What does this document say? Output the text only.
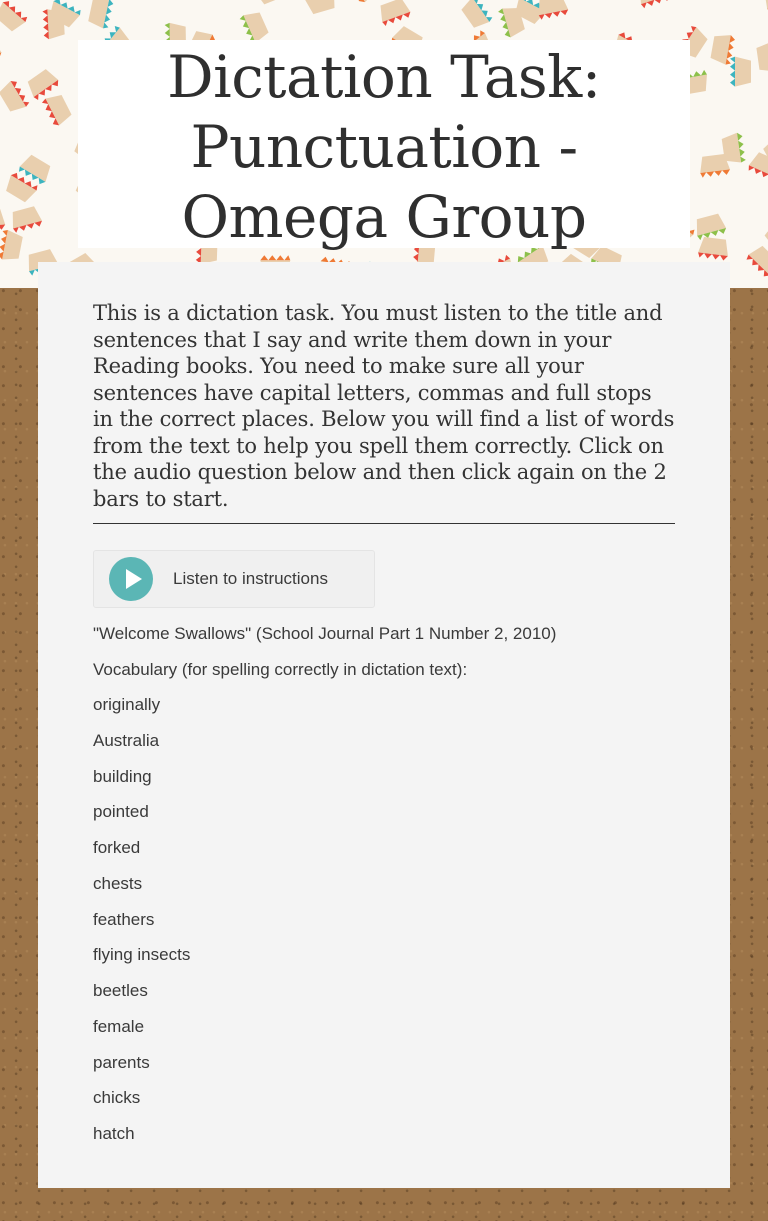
Dictation Task: Punctuation - Omega Group

This is a dictation task. You must listen to the title and sentences that I say and write them down in your Reading books. You need to make sure all your sentences have capital letters, commas and full stops in the correct places. Below you will find a list of words from the text to help you spell them correctly. Click on the audio question below and then click again on the 2 bars to start.

Listen to instructions

"Welcome Swallows" (School Journal Part 1 Number 2, 2010)

Vocabulary (for spelling correctly in dictation text):

originally
Australia
building
pointed
forked
chests
feathers
flying insects
beetles
female
parents
chicks
hatch
